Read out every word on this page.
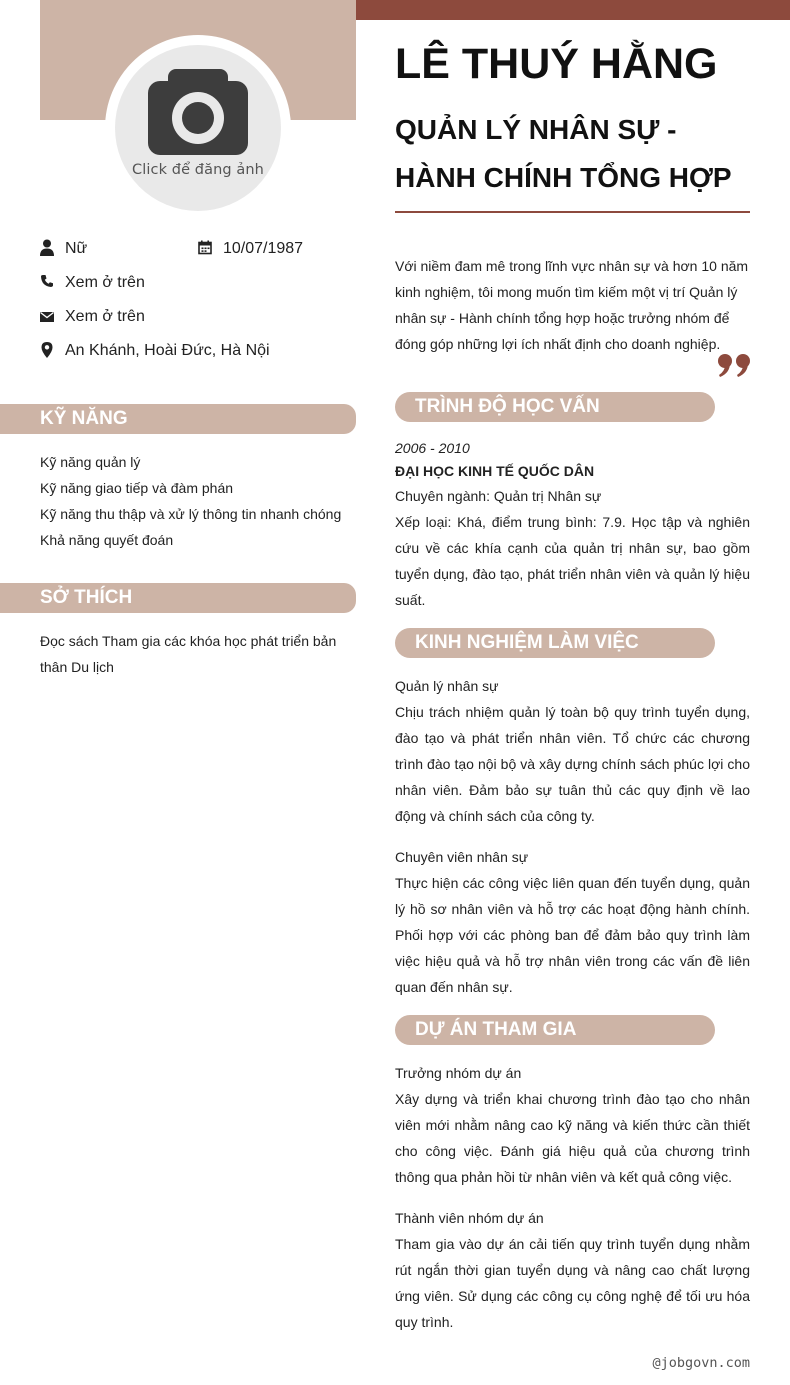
Click để đăng ảnh
Nữ	10/07/1987
Xem ở trên
Xem ở trên
An Khánh, Hoài Đức, Hà Nội
KỸ NĂNG
Kỹ năng quản lý
Kỹ năng giao tiếp và đàm phán
Kỹ năng thu thập và xử lý thông tin nhanh chóng
Khả năng quyết đoán
SỞ THÍCH
Đọc sách Tham gia các khóa học phát triển bản thân Du lịch
LÊ THUÝ HẰNG
QUẢN LÝ NHÂN SỰ - HÀNH CHÍNH TỔNG HỢP
Với niềm đam mê trong lĩnh vực nhân sự và hơn 10 năm kinh nghiệm, tôi mong muốn tìm kiếm một vị trí Quản lý nhân sự - Hành chính tổng hợp hoặc trưởng nhóm để đóng góp những lợi ích nhất định cho doanh nghiệp.
TRÌNH ĐỘ HỌC VẤN
2006 - 2010
ĐẠI HỌC KINH TẾ QUỐC DÂN
Chuyên ngành: Quản trị Nhân sự
Xếp loại: Khá, điểm trung bình: 7.9. Học tập và nghiên cứu về các khía cạnh của quản trị nhân sự, bao gồm tuyển dụng, đào tạo, phát triển nhân viên và quản lý hiệu suất.
KINH NGHIỆM LÀM VIỆC
Quản lý nhân sự
Chịu trách nhiệm quản lý toàn bộ quy trình tuyển dụng, đào tạo và phát triển nhân viên. Tổ chức các chương trình đào tạo nội bộ và xây dựng chính sách phúc lợi cho nhân viên. Đảm bảo sự tuân thủ các quy định về lao động và chính sách của công ty.
Chuyên viên nhân sự
Thực hiện các công việc liên quan đến tuyển dụng, quản lý hồ sơ nhân viên và hỗ trợ các hoạt động hành chính. Phối hợp với các phòng ban để đảm bảo quy trình làm việc hiệu quả và hỗ trợ nhân viên trong các vấn đề liên quan đến nhân sự.
DỰ ÁN THAM GIA
Trưởng nhóm dự án
Xây dựng và triển khai chương trình đào tạo cho nhân viên mới nhằm nâng cao kỹ năng và kiến thức cần thiết cho công việc. Đánh giá hiệu quả của chương trình thông qua phản hồi từ nhân viên và kết quả công việc.
Thành viên nhóm dự án
Tham gia vào dự án cải tiến quy trình tuyển dụng nhằm rút ngắn thời gian tuyển dụng và nâng cao chất lượng ứng viên. Sử dụng các công cụ công nghệ để tối ưu hóa quy trình.
@jobgovn.com
